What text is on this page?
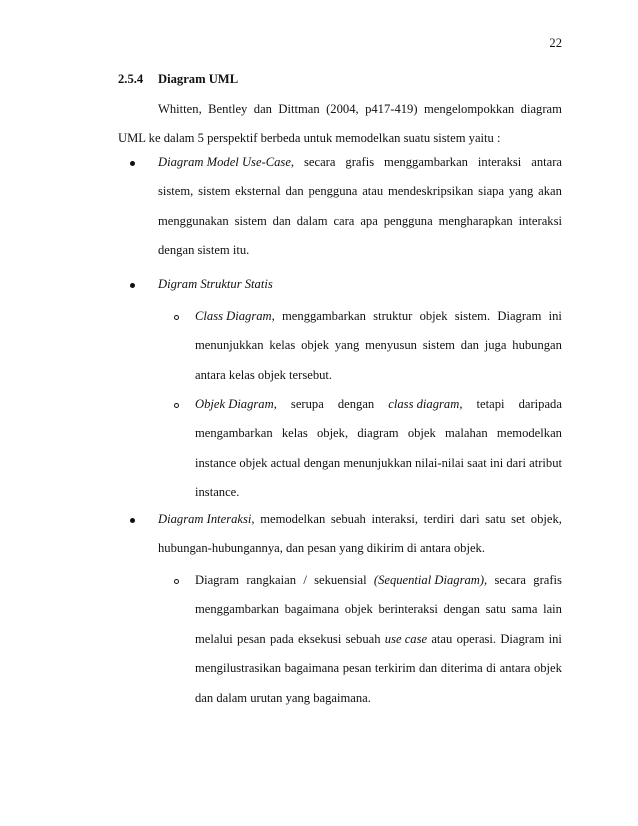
22
2.5.4 Diagram UML
Whitten, Bentley dan Dittman (2004, p417-419) mengelompokkan diagram
UML ke dalam 5 perspektif berbeda untuk memodelkan suatu sistem yaitu :
Diagram Model Use-Case, secara grafis menggambarkan interaksi antara
sistem, sistem eksternal dan pengguna atau mendeskripsikan siapa yang akan
menggunakan sistem dan dalam cara apa pengguna mengharapkan interaksi
dengan sistem itu.
Digram Struktur Statis
Class Diagram, menggambarkan struktur objek sistem. Diagram ini
menunjukkan kelas objek yang menyusun sistem dan juga hubungan
antara kelas objek tersebut.
Objek Diagram, serupa dengan class diagram, tetapi daripada
mengambarkan kelas objek, diagram objek malahan memodelkan
instance objek actual dengan menunjukkan nilai-nilai saat ini dari atribut
instance.
Diagram Interaksi, memodelkan sebuah interaksi, terdiri dari satu set objek,
hubungan-hubungannya, dan pesan yang dikirim di antara objek.
Diagram rangkaian / sekuensial (Sequential Diagram), secara grafis
menggambarkan bagaimana objek berinteraksi dengan satu sama lain
melalui pesan pada eksekusi sebuah use case atau operasi. Diagram ini
mengilustrasikan bagaimana pesan terkirim dan diterima di antara objek
dan dalam urutan yang bagaimana.
